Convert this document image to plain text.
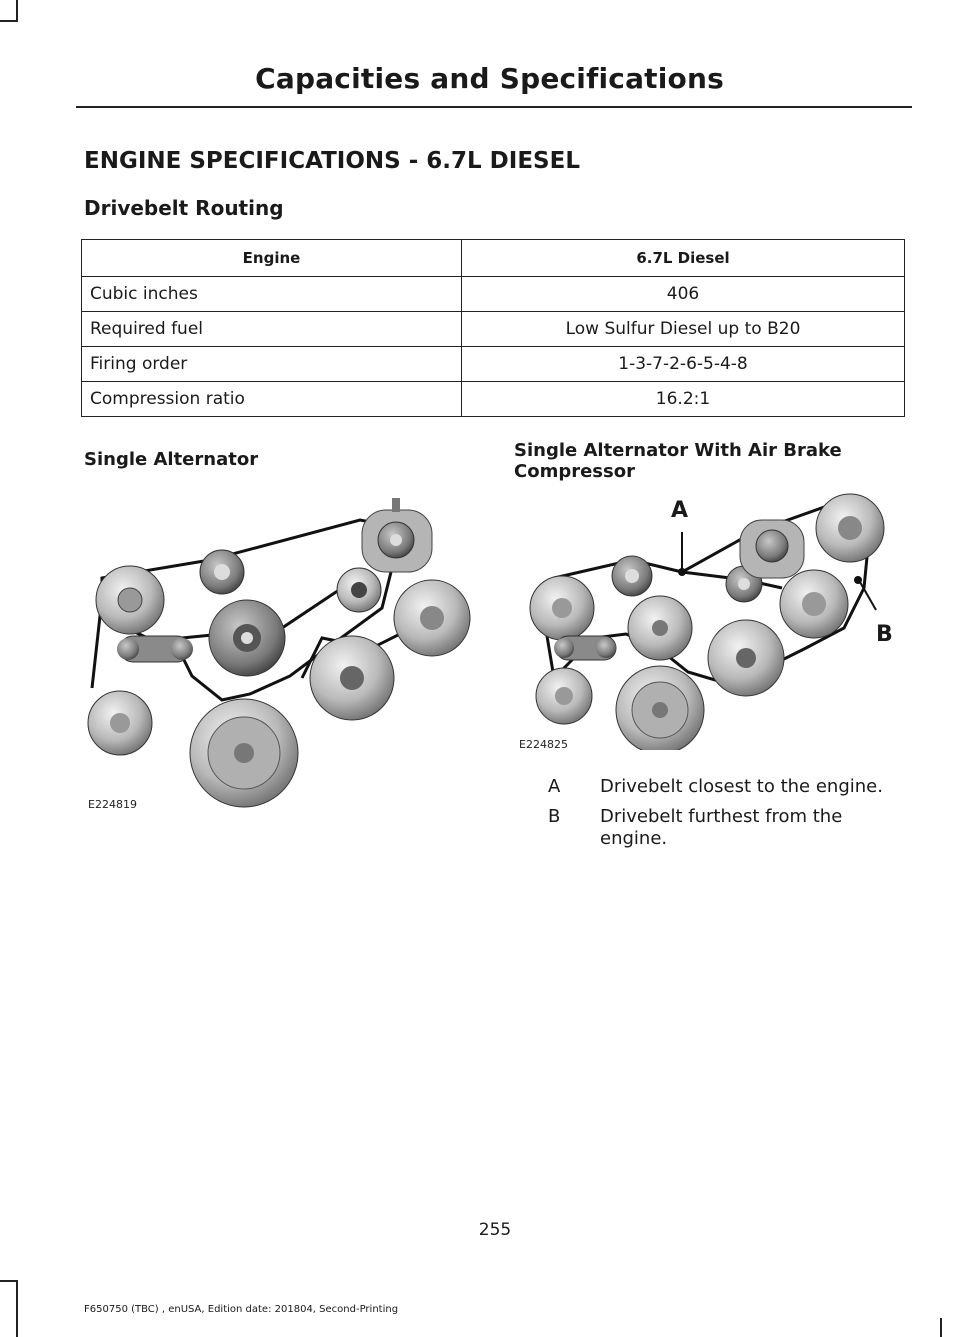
Capacities and Specifications
ENGINE SPECIFICATIONS - 6.7L DIESEL
Drivebelt Routing
Engine	6.7L Diesel
Cubic inches	406
Required fuel	Low Sulfur Diesel up to B20
Firing order	1-3-7-2-6-5-4-8
Compression ratio	16.2:1
Single Alternator	Single Alternator With Air Brake Compressor
E224819
A
B
E224825
A	Drivebelt closest to the engine.
B	Drivebelt furthest from the engine.
255
F650750 (TBC) , enUSA, Edition date: 201804, Second-Printing
